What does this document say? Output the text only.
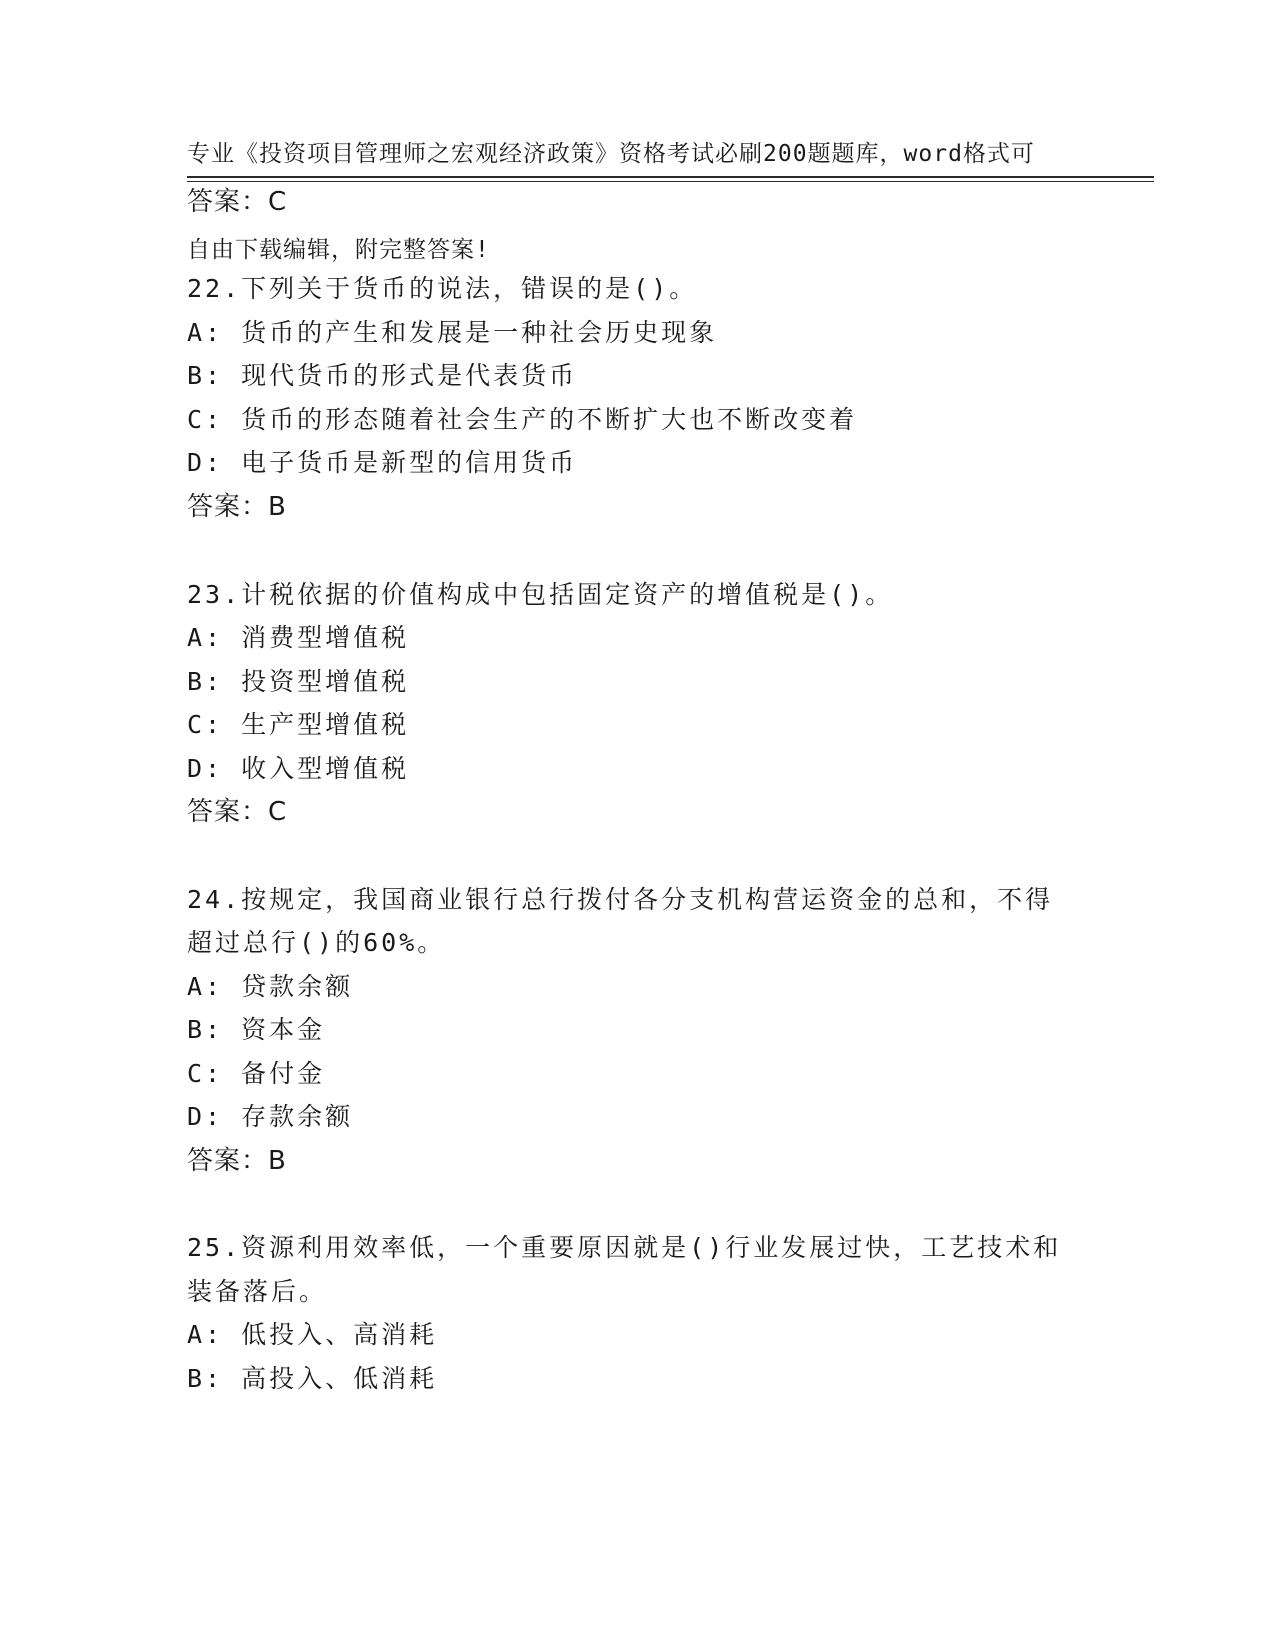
专业《投资项目管理师之宏观经济政策》资格考试必刷200题题库，word格式可

自由下载编辑，附完整答案!

答案：C
22.下列关于货币的说法，错误的是()。
A: 货币的产生和发展是一种社会历史现象
B: 现代货币的形式是代表货币
C: 货币的形态随着社会生产的不断扩大也不断改变着
D: 电子货币是新型的信用货币
答案：B
23.计税依据的价值构成中包括固定资产的增值税是()。
A: 消费型增值税
B: 投资型增值税
C: 生产型增值税
D: 收入型增值税
答案：C
24.按规定，我国商业银行总行拨付各分支机构营运资金的总和，不得
超过总行()的60%。
A: 贷款余额
B: 资本金
C: 备付金
D: 存款余额
答案：B
25.资源利用效率低，一个重要原因就是()行业发展过快，工艺技术和
装备落后。
A: 低投入、高消耗
B: 高投入、低消耗
